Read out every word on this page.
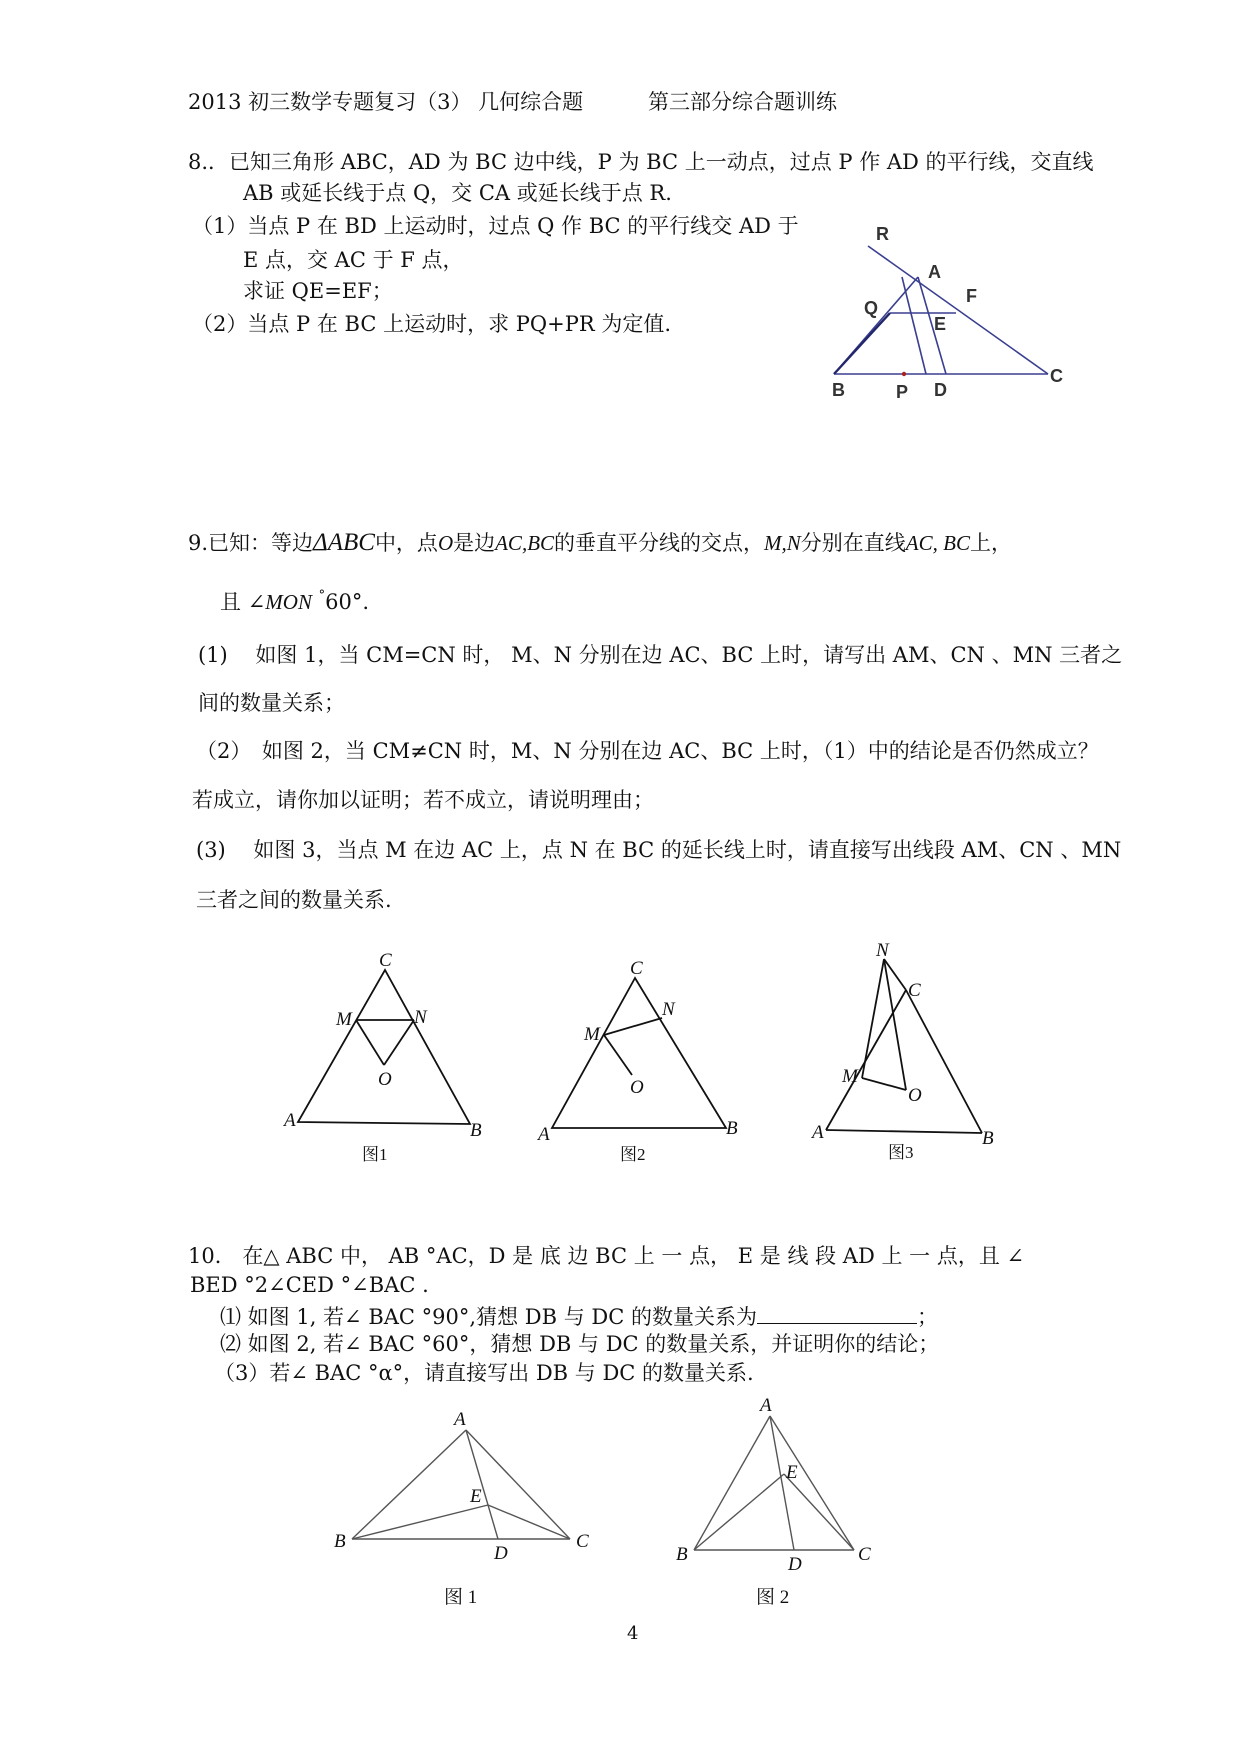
2013 初三数学专题复习（3） 几何综合题	第三部分综合题训练
8.．已知三角形 ABC，AD 为 BC 边中线，P 为 BC 上一动点，过点 P 作 AD 的平行线，交直线
AB 或延长线于点 Q，交 CA 或延长线于点 R.
（1）当点 P 在 BD 上运动时，过点 Q 作 BC 的平行线交 AD 于
E 点，交 AC 于 F 点，
求证 QE=EF；
（2）当点 P 在 BC 上运动时，求 PQ+PR 为定值.
R
A
F
Q
E
B	P D
C
9.已知：等边ΔABC中，点O是边AC,BC的垂直平分线的交点，M,N分别在直线AC, BC上，
且 ∠MON °60°.
(1)　 如图 1，当 CM=CN 时， M、N 分别在边 AC、BC 上时，请写出 AM、CN 、MN 三者之
间的数量关系；
（2）　如图 2，当 CM≠CN 时，M、N 分别在边 AC、BC 上时，（1）中的结论是否仍然成立？
若成立，请你加以证明；若不成立，请说明理由；
(3)　 如图 3，当点 M 在边 AC 上，点 N 在 BC 的延长线上时，请直接写出线段 AM、CN 、MN
三者之间的数量关系.
C
M	N
O
A	B
图1
C
M
N
O
A	B
图2
N
C
M
O
A	B
图3
10． 在△ ABC 中， AB °AC，D 是 底 边 BC 上 一 点， E 是 线 段 AD 上 一 点，且 ∠
BED °2∠CED °∠BAC .
⑴ 如图 1, 若∠ BAC °90°,猜想 DB 与 DC 的数量关系为	；
⑵ 如图 2, 若∠ BAC °60°，猜想 DB 与 DC 的数量关系，并证明你的结论；
（3）若∠ BAC °α°，请直接写出 DB 与 DC 的数量关系.
A
E
B
D
C
图 1
A
E
B	D	C
图 2
4
